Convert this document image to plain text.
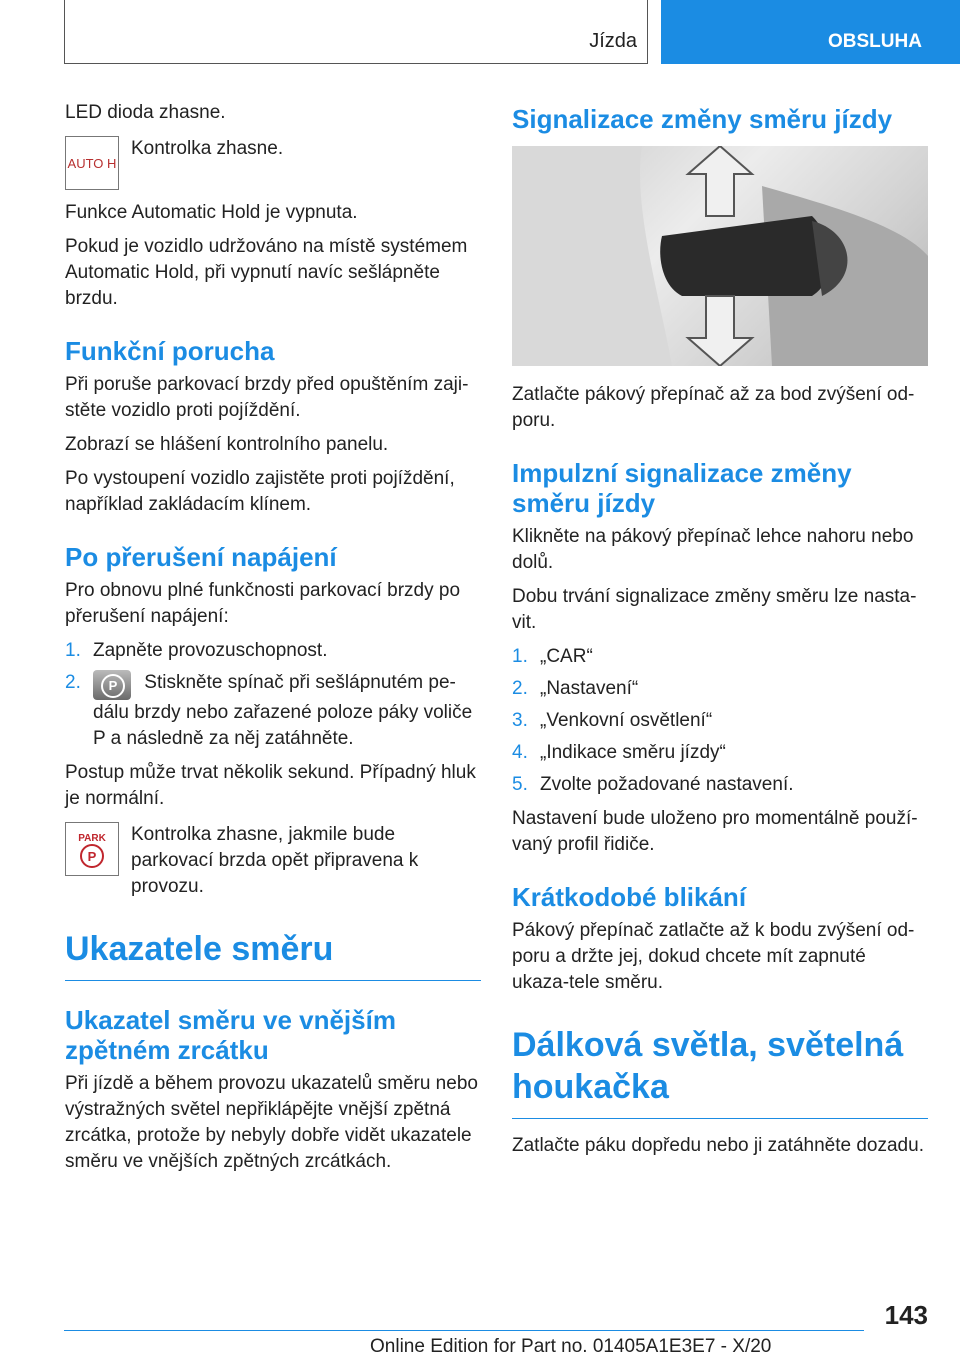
Jízda	OBSLUHA

LED dioda zhasne.

AUTO H

Kontrolka zhasne.

Funkce Automatic Hold je vypnuta.

Pokud je vozidlo udržováno na místě systémem Automatic Hold, při vypnutí navíc sešlápněte brzdu.

Funkční porucha

Při poruše parkovací brzdy před opuštěním zaji-stěte vozidlo proti pojíždění.

Zobrazí se hlášení kontrolního panelu.

Po vystoupení vozidlo zajistěte proti pojíždění, například zakládacím klínem.

Po přerušení napájení

Pro obnovu plné funkčnosti parkovací brzdy po přerušení napájení:

1. Zapněte provozuschopnost.
2.	P	Stiskněte spínač při sešlápnutém pe-dálu brzdy nebo zařazené poloze páky voliče P a následně za něj zatáhněte.

Postup může trvat několik sekund. Případný hluk je normální.

PARK
P

Kontrolka zhasne, jakmile bude parkovací brzda opět připravena k provozu.

Ukazatele směru
Ukazatel směru ve vnějším zpětném zrcátku

Při jízdě a během provozu ukazatelů směru nebo výstražných světel nepřiklápějte vnější zpětná zrcátka, protože by nebyly dobře vidět ukazatele směru ve vnějších zpětných zrcátkách.

Signalizace změny směru jízdy

Zatlačte pákový přepínač až za bod zvýšení od-poru.

Impulzní signalizace změny směru jízdy

Klikněte na pákový přepínač lehce nahoru nebo dolů.

Dobu trvání signalizace změny směru lze nasta-vit.

1. „CAR“
2. „Nastavení“
3. „Venkovní osvětlení“
4. „Indikace směru jízdy“
5. Zvolte požadované nastavení.

Nastavení bude uloženo pro momentálně použí-vaný profil řidiče.

Krátkodobé blikání

Pákový přepínač zatlačte až k bodu zvýšení od-poru a držte jej, dokud chcete mít zapnuté ukaza-tele směru.

Dálková světla, světelná houkačka

Zatlačte páku dopředu nebo ji zatáhněte dozadu.

143
Online Edition for Part no. 01405A1E3E7 - X/20
